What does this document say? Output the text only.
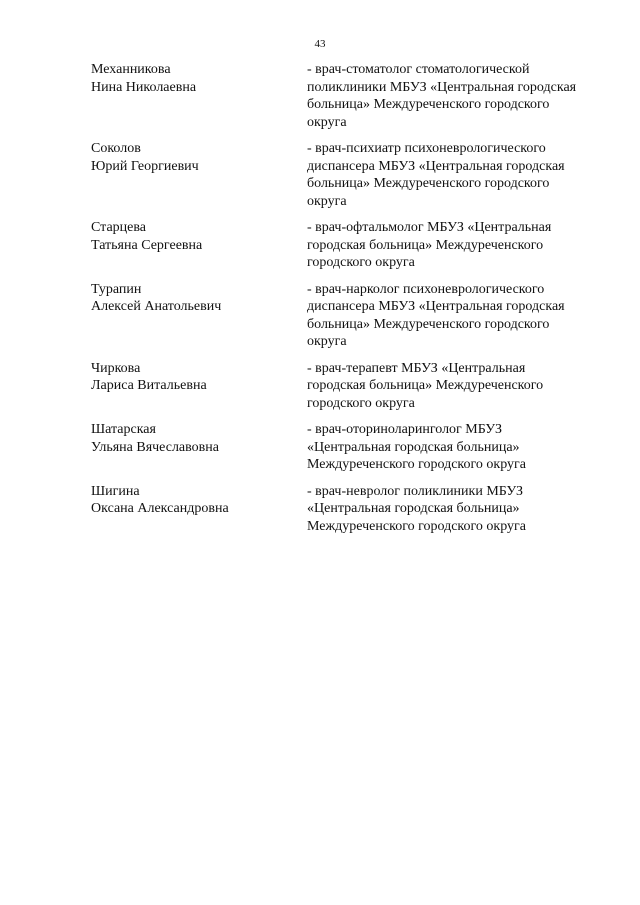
43
Механникова
Нина Николаевна
- врач-стоматолог стоматологической
поликлиники МБУЗ «Центральная городская
больница» Междуреченского городского
округа
Соколов
Юрий Георгиевич
- врач-психиатр психоневрологического
диспансера МБУЗ «Центральная городская
больница» Междуреченского городского
округа
Старцева
Татьяна Сергеевна
- врач-офтальмолог МБУЗ «Центральная
городская больница» Междуреченского
городского округа
Турапин
Алексей Анатольевич
- врач-нарколог психоневрологического
диспансера МБУЗ «Центральная городская
больница» Междуреченского городского
округа
Чиркова
Лариса Витальевна
- врач-терапевт МБУЗ «Центральная
городская больница» Междуреченского
городского округа
Шатарская
Ульяна Вячеславовна
- врач-оториноларинголог МБУЗ
«Центральная городская больница»
Междуреченского городского округа
Шигина
Оксана Александровна
- врач-невролог поликлиники МБУЗ
«Центральная городская больница»
Междуреченского городского округа
